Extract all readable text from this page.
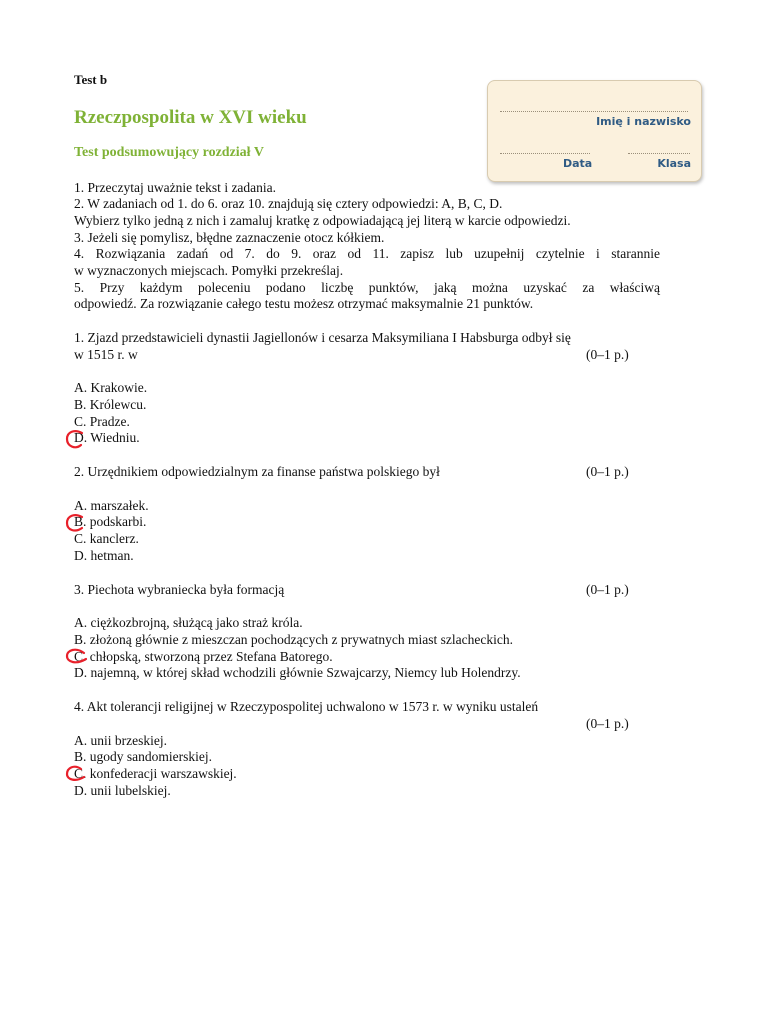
Test b
Rzeczpospolita w XVI wieku
Test podsumowujący rozdział V
Imię i nazwisko
Data	Klasa
1. Przeczytaj uważnie tekst i zadania.
2. W zadaniach od 1. do 6. oraz 10. znajdują się cztery odpowiedzi: A, B, C, D.
Wybierz tylko jedną z nich i zamaluj kratkę z odpowiadającą jej literą w karcie odpowiedzi.
3. Jeżeli się pomylisz, błędne zaznaczenie otocz kółkiem.
4. Rozwiązania zadań od 7. do 9. oraz od 11. zapisz lub uzupełnij czytelnie i starannie
w wyznaczonych miejscach. Pomyłki przekreślaj.
5. Przy każdym poleceniu podano liczbę punktów, jaką można uzyskać za właściwą
odpowiedź. Za rozwiązanie całego testu możesz otrzymać maksymalnie 21 punktów.
1. Zjazd przedstawicieli dynastii Jagiellonów i cesarza Maksymiliana I Habsburga odbył się
w 1515 r. w	(0–1 p.)
A. Krakowie.
B. Królewcu.
C. Pradze.
D. Wiedniu.
2. Urzędnikiem odpowiedzialnym za finanse państwa polskiego był	(0–1 p.)
A. marszałek.
B. podskarbi.
C. kanclerz.
D. hetman.
3. Piechota wybraniecka była formacją	(0–1 p.)
A. ciężkozbrojną, służącą jako straż króla.
B. złożoną głównie z mieszczan pochodzących z prywatnych miast szlacheckich.
C. chłopską, stworzoną przez Stefana Batorego.
D. najemną, w której skład wchodzili głównie Szwajcarzy, Niemcy lub Holendrzy.
4. Akt tolerancji religijnej w Rzeczypospolitej uchwalono w 1573 r. w wyniku ustaleń
(0–1 p.)
A. unii brzeskiej.
B. ugody sandomierskiej.
C. konfederacji warszawskiej.
D. unii lubelskiej.
